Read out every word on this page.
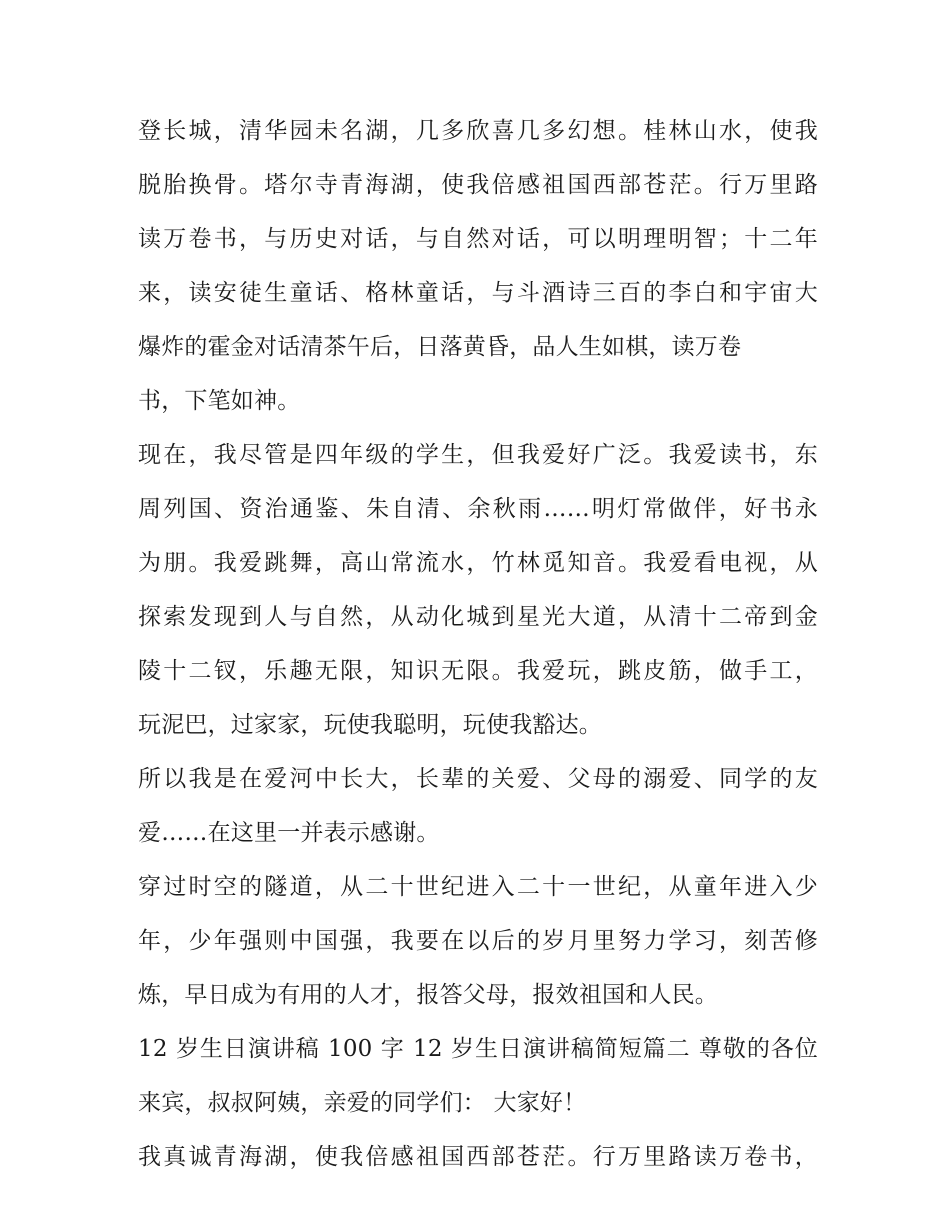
登长城，清华园未名湖，几多欣喜几多幻想。桂林山水，使我
脱胎换骨。塔尔寺青海湖，使我倍感祖国西部苍茫。行万里路
读万卷书，与历史对话，与自然对话，可以明理明智；十二年
来，读安徒生童话、格林童话，与斗酒诗三百的李白和宇宙大
爆炸的霍金对话清茶午后，日落黄昏，品人生如棋，读万卷
书，下笔如神。
现在，我尽管是四年级的学生，但我爱好广泛。我爱读书，东
周列国、资治通鉴、朱自清、余秋雨……明灯常做伴，好书永
为朋。我爱跳舞，高山常流水，竹林觅知音。我爱看电视，从
探索发现到人与自然，从动化城到星光大道，从清十二帝到金
陵十二钗，乐趣无限，知识无限。我爱玩，跳皮筋，做手工，
玩泥巴，过家家，玩使我聪明，玩使我豁达。
所以我是在爱河中长大，长辈的关爱、父母的溺爱、同学的友
爱……在这里一并表示感谢。
穿过时空的隧道，从二十世纪进入二十一世纪，从童年进入少
年，少年强则中国强，我要在以后的岁月里努力学习，刻苦修
炼，早日成为有用的人才，报答父母，报效祖国和人民。
12 岁生日演讲稿 100 字 12 岁生日演讲稿简短篇二 尊敬的各位
来宾，叔叔阿姨，亲爱的同学们： 大家好！
我真诚青海湖，使我倍感祖国西部苍茫。行万里路读万卷书，
